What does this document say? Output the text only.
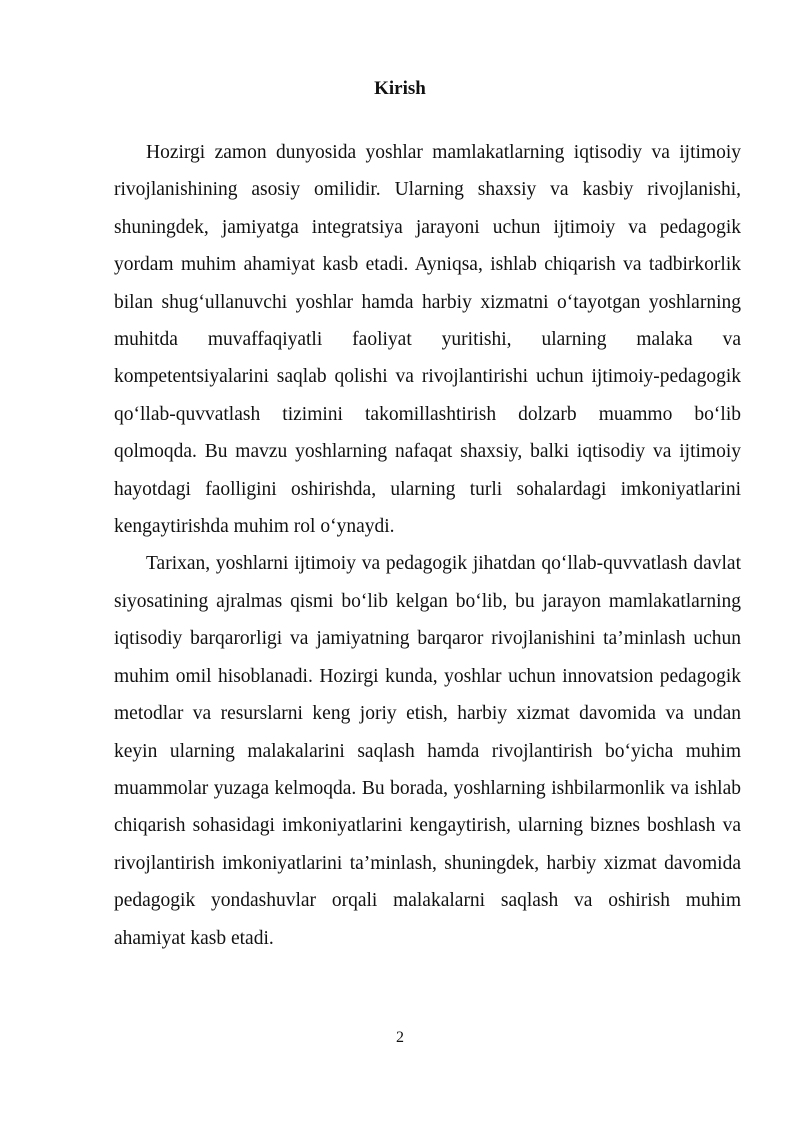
Kirish

Hozirgi zamon dunyosida yoshlar mamlakatlarning iqtisodiy va ijtimoiy rivojlanishining asosiy omilidir. Ularning shaxsiy va kasbiy rivojlanishi, shuningdek, jamiyatga integratsiya jarayoni uchun ijtimoiy va pedagogik yordam muhim ahamiyat kasb etadi. Ayniqsa, ishlab chiqarish va tadbirkorlik bilan shug‘ullanuvchi yoshlar hamda harbiy xizmatni o‘tayotgan yoshlarning muhitda muvaffaqiyatli faoliyat yuritishi, ularning malaka va kompetentsiyalarini saqlab qolishi va rivojlantirishi uchun ijtimoiy-pedagogik qo‘llab-quvvatlash tizimini takomillashtirish dolzarb muammo bo‘lib qolmoqda. Bu mavzu yoshlarning nafaqat shaxsiy, balki iqtisodiy va ijtimoiy hayotdagi faolligini oshirishda, ularning turli sohalardagi imkoniyatlarini kengaytirishda muhim rol o‘ynaydi.

Tarixan, yoshlarni ijtimoiy va pedagogik jihatdan qo‘llab-quvvatlash davlat siyosatining ajralmas qismi bo‘lib kelgan bo‘lib, bu jarayon mamlakatlarning iqtisodiy barqarorligi va jamiyatning barqaror rivojlanishini ta’minlash uchun muhim omil hisoblanadi. Hozirgi kunda, yoshlar uchun innovatsion pedagogik metodlar va resurslarni keng joriy etish, harbiy xizmat davomida va undan keyin ularning malakalarini saqlash hamda rivojlantirish bo‘yicha muhim muammolar yuzaga kelmoqda. Bu borada, yoshlarning ishbilarmonlik va ishlab chiqarish sohasidagi imkoniyatlarini kengaytirish, ularning biznes boshlash va rivojlantirish imkoniyatlarini ta’minlash, shuningdek, harbiy xizmat davomida pedagogik yondashuvlar orqali malakalarni saqlash va oshirish muhim ahamiyat kasb etadi.

2
